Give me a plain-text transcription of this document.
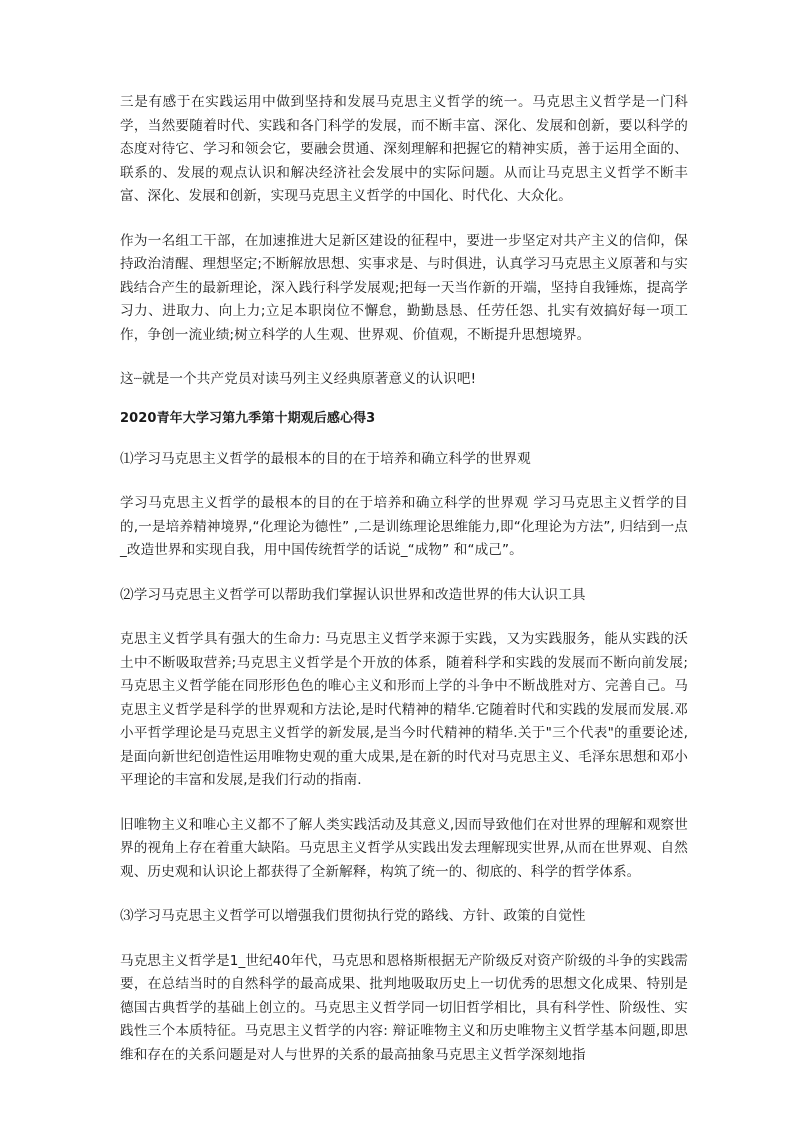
三是有感于在实践运用中做到坚持和发展马克思主义哲学的统一。马克思主义哲学是一门科学，当然要随着时代、实践和各门科学的发展，而不断丰富、深化、发展和创新，要以科学的态度对待它、学习和领会它，要融会贯通、深刻理解和把握它的精神实质，善于运用全面的、联系的、发展的观点认识和解决经济社会发展中的实际问题。从而让马克思主义哲学不断丰富、深化、发展和创新，实现马克思主义哲学的中国化、时代化、大众化。

作为一名组工干部，在加速推进大足新区建设的征程中，要进一步坚定对共产主义的信仰，保持政治清醒、理想坚定;不断解放思想、实事求是、与时俱进，认真学习马克思主义原著和与实践结合产生的最新理论，深入践行科学发展观;把每一天当作新的开端，坚持自我锤炼，提高学习力、进取力、向上力;立足本职岗位不懈怠，勤勤恳恳、任劳任怨、扎实有效搞好每一项工作，争创一流业绩;树立科学的人生观、世界观、价值观，不断提升思想境界。

这┈就是一个共产党员对读马列主义经典原著意义的认识吧!

2020青年大学习第九季第十期观后感心得3

⑴学习马克思主义哲学的最根本的目的在于培养和确立科学的世界观

学习马克思主义哲学的最根本的目的在于培养和确立科学的世界观 学习马克思主义哲学的目的,一是培养精神境界,“化理论为德性” ,二是训练理论思维能力,即“化理论为方法”, 归结到一点_改造世界和实现自我，用中国传统哲学的话说_“成物” 和“成己”。

⑵学习马克思主义哲学可以帮助我们掌握认识世界和改造世界的伟大认识工具

克思主义哲学具有强大的生命力: 马克思主义哲学来源于实践，又为实践服务，能从实践的沃土中不断吸取营养;马克思主义哲学是个开放的体系，随着科学和实践的发展而不断向前发展;马克思主义哲学能在同形形色色的唯心主义和形而上学的斗争中不断战胜对方、完善自己。马克思主义哲学是科学的世界观和方法论,是时代精神的精华.它随着时代和实践的发展而发展.邓小平哲学理论是马克思主义哲学的新发展,是当今时代精神的精华.关于"三个代表"的重要论述,是面向新世纪创造性运用唯物史观的重大成果,是在新的时代对马克思主义、毛泽东思想和邓小平理论的丰富和发展,是我们行动的指南.

旧唯物主义和唯心主义都不了解人类实践活动及其意义,因而导致他们在对世界的理解和观察世界的视角上存在着重大缺陷。马克思主义哲学从实践出发去理解现实世界,从而在世界观、自然观、历史观和认识论上都获得了全新解释，构筑了统一的、彻底的、科学的哲学体系。

⑶学习马克思主义哲学可以增强我们贯彻执行党的路线、方针、政策的自觉性

马克思主义哲学是1_世纪40年代，马克思和恩格斯根据无产阶级反对资产阶级的斗争的实践需要，在总结当时的自然科学的最高成果、批判地吸取历史上一切优秀的思想文化成果、特别是德国古典哲学的基础上创立的。马克思主义哲学同一切旧哲学相比，具有科学性、阶级性、实践性三个本质特征。马克思主义哲学的内容: 辩证唯物主义和历史唯物主义哲学基本问题,即思维和存在的关系问题是对人与世界的关系的最高抽象马克思主义哲学深刻地指
